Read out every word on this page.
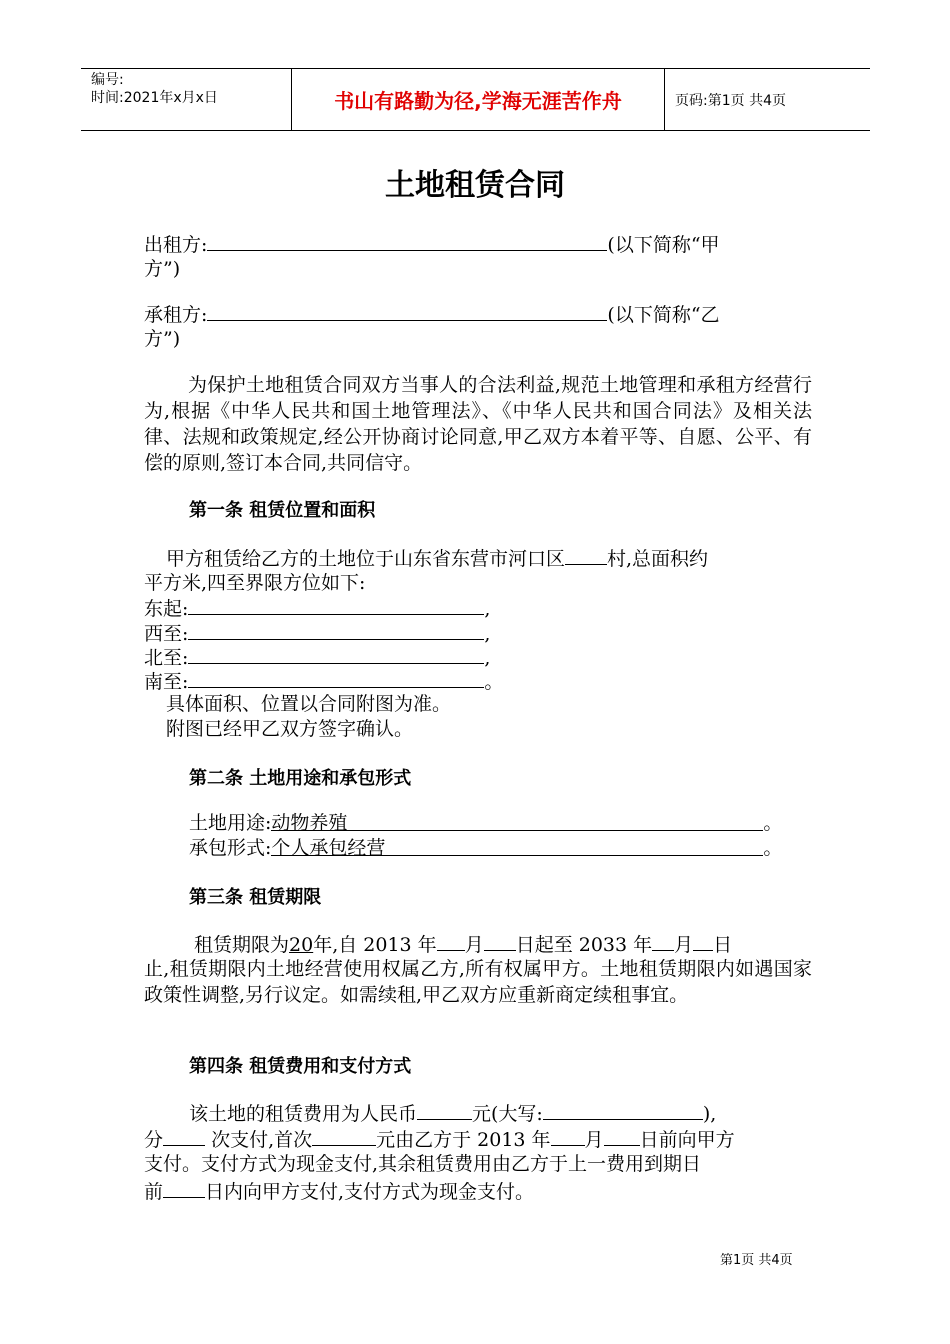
编号:
时间:2021年x月x日	书山有路勤为径,学海无涯苦作舟	页码:第1页 共4页
土地租赁合同
出租方:	(以下简称“甲
方”)
承租方:	(以下简称“乙
方”)
为保护土地租赁合同双方当事人的合法利益,规范土地管理和承租方经营行为,根据《中华人民共和国土地管理法》、《中华人民共和国合同法》及相关法律、法规和政策规定,经公开协商讨论同意,甲乙双方本着平等、自愿、公平、有偿的原则,签订本合同,共同信守。
第一条 租赁位置和面积
甲方租赁给乙方的土地位于山东省东营市河口区 村,总面积约
平方米,四至界限方位如下:
东起:	,
西至:	,
北至:	,
南至:	。
具体面积、位置以合同附图为准。
附图已经甲乙双方签字确认。
第二条 土地用途和承包形式
土地用途:动物养殖	。
承包形式:个人承包经营	。
第三条 租赁期限
租赁期限为20年,自 2013 年 月 日起至 2033 年 月 日
止,租赁期限内土地经营使用权属乙方,所有权属甲方。土地租赁期限内如遇国家政策性调整,另行议定。如需续租,甲乙双方应重新商定续租事宜。
第四条 租赁费用和支付方式
该土地的租赁费用为人民币	元(大写:	),
分	次支付,首次	元由乙方于 2013 年 月 日前向甲方
支付。支付方式为现金支付,其余租赁费用由乙方于上一费用到期日
前 日内向甲方支付,支付方式为现金支付。
第1页 共4页
